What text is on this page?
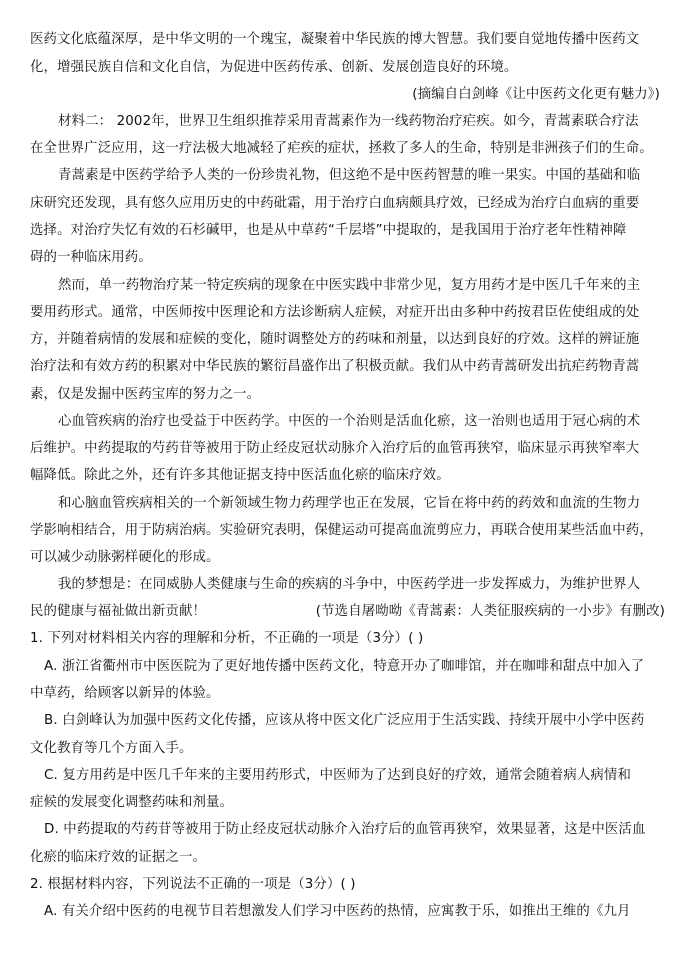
医药文化底蕴深厚，是中华文明的一个瑰宝，凝聚着中华民族的博大智慧。我们要自觉地传播中医药文
化，增强民族自信和文化自信，为促进中医药传承、创新、发展创造良好的环境。
(摘编自白剑峰《让中医药文化更有魅力》)
材料二： 2002年，世界卫生组织推荐采用青蒿素作为一线药物治疗疟疾。如今，青蒿素联合疗法
在全世界广泛应用，这一疗法极大地减轻了疟疾的症状，拯救了多人的生命，特别是非洲孩子们的生命。
青蒿素是中医药学给予人类的一份珍贵礼物，但这绝不是中医药智慧的唯一果实。中国的基础和临
床研究还发现，具有悠久应用历史的中药砒霜，用于治疗白血病颇具疗效，已经成为治疗白血病的重要
选择。对治疗失忆有效的石杉碱甲，也是从中草药“千层塔”中提取的，是我国用于治疗老年性精神障
碍的一种临床用药。
然而，单一药物治疗某一特定疾病的现象在中医实践中非常少见，复方用药才是中医几千年来的主
要用药形式。通常，中医师按中医理论和方法诊断病人症候，对症开出由多种中药按君臣佐使组成的处
方，并随着病情的发展和症候的变化，随时调整处方的药味和剂量，以达到良好的疗效。这样的辨证施
治疗法和有效方药的积累对中华民族的繁衍昌盛作出了积极贡献。我们从中药青蒿研发出抗疟药物青蒿
素，仅是发掘中医药宝库的努力之一。
心血管疾病的治疗也受益于中医药学。中医的一个治则是活血化瘀，这一治则也适用于冠心病的术
后维护。中药提取的芍药苷等被用于防止经皮冠状动脉介入治疗后的血管再狭窄，临床显示再狭窄率大
幅降低。除此之外，还有许多其他证据支持中医活血化瘀的临床疗效。
和心脑血管疾病相关的一个新领域生物力药理学也正在发展，它旨在将中药的药效和血流的生物力
学影响相结合，用于防病治病。实验研究表明，保健运动可提高血流剪应力，再联合使用某些活血中药，
可以减少动脉粥样硬化的形成。
我的梦想是：在同威胁人类健康与生命的疾病的斗争中，中医药学进一步发挥威力，为维护世界人
民的健康与福祉做出新贡献！	(节选自屠呦呦《青蒿素：人类征服疾病的一小步》有删改)
1. 下列对材料相关内容的理解和分析，不正确的一项是（3分）( )
A. 浙江省衢州市中医医院为了更好地传播中医药文化，特意开办了咖啡馆，并在咖啡和甜点中加入了
中草药，给顾客以新异的体验。
B. 白剑峰认为加强中医药文化传播，应该从将中医文化广泛应用于生活实践、持续开展中小学中医药
文化教育等几个方面入手。
C. 复方用药是中医几千年来的主要用药形式，中医师为了达到良好的疗效，通常会随着病人病情和
症候的发展变化调整药味和剂量。
D. 中药提取的芍药苷等被用于防止经皮冠状动脉介入治疗后的血管再狭窄，效果显著，这是中医活血
化瘀的临床疗效的证据之一。
2. 根据材料内容，下列说法不正确的一项是（3分）( )
A. 有关介绍中医药的电视节目若想激发人们学习中医药的热情，应寓教于乐，如推出王维的《九月
